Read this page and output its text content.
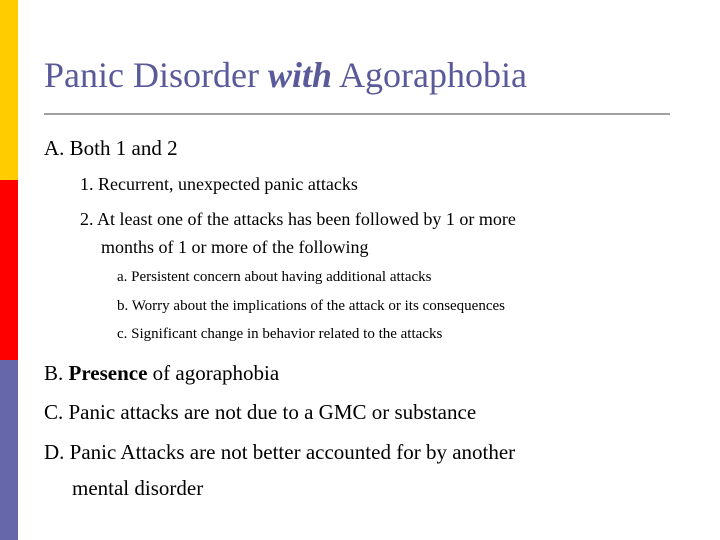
Panic Disorder with Agoraphobia
A. Both 1 and 2
1. Recurrent, unexpected panic attacks
2. At least one of the attacks has been followed by 1 or more
months of 1 or more of the following
a. Persistent concern about having additional attacks
b. Worry about the implications of the attack or its consequences
c. Significant change in behavior related to the attacks
B. Presence of agoraphobia
C. Panic attacks are not due to a GMC or substance
D. Panic Attacks are not better accounted for by another
mental disorder
